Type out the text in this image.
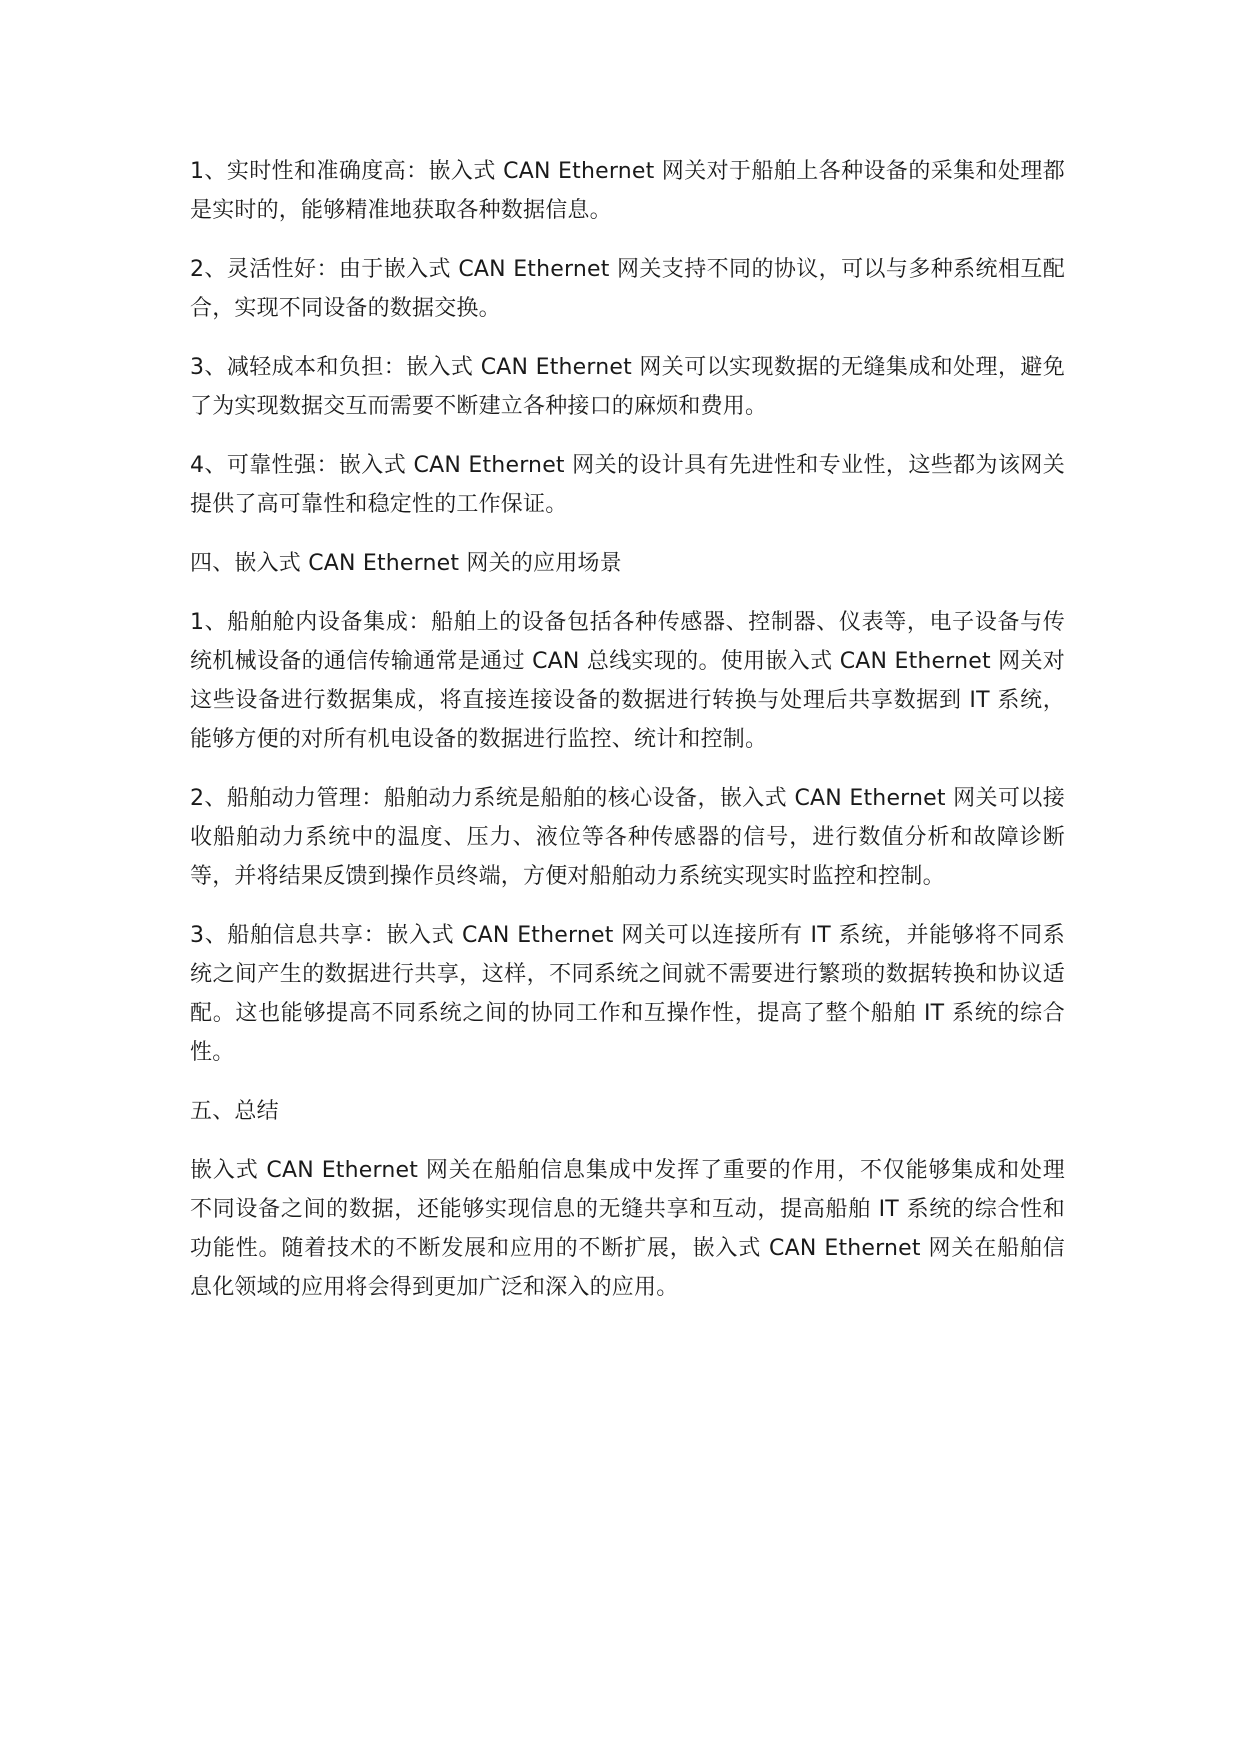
1、实时性和准确度高：嵌入式 CAN Ethernet 网关对于船舶上各种设备的采集和处理都是实时的，能够精准地获取各种数据信息。

2、灵活性好：由于嵌入式 CAN Ethernet 网关支持不同的协议，可以与多种系统相互配合，实现不同设备的数据交换。

3、减轻成本和负担：嵌入式 CAN Ethernet 网关可以实现数据的无缝集成和处理，避免了为实现数据交互而需要不断建立各种接口的麻烦和费用。

4、可靠性强：嵌入式 CAN Ethernet 网关的设计具有先进性和专业性，这些都为该网关提供了高可靠性和稳定性的工作保证。

四、嵌入式 CAN Ethernet 网关的应用场景

1、船舶舱内设备集成：船舶上的设备包括各种传感器、控制器、仪表等，电子设备与传统机械设备的通信传输通常是通过 CAN 总线实现的。使用嵌入式 CAN Ethernet 网关对这些设备进行数据集成，将直接连接设备的数据进行转换与处理后共享数据到 IT 系统，能够方便的对所有机电设备的数据进行监控、统计和控制。

2、船舶动力管理：船舶动力系统是船舶的核心设备，嵌入式 CAN Ethernet 网关可以接收船舶动力系统中的温度、压力、液位等各种传感器的信号，进行数值分析和故障诊断等，并将结果反馈到操作员终端，方便对船舶动力系统实现实时监控和控制。

3、船舶信息共享：嵌入式 CAN Ethernet 网关可以连接所有 IT 系统，并能够将不同系统之间产生的数据进行共享，这样，不同系统之间就不需要进行繁琐的数据转换和协议适配。这也能够提高不同系统之间的协同工作和互操作性，提高了整个船舶 IT 系统的综合性。

五、总结

嵌入式 CAN Ethernet 网关在船舶信息集成中发挥了重要的作用，不仅能够集成和处理不同设备之间的数据，还能够实现信息的无缝共享和互动，提高船舶 IT 系统的综合性和功能性。随着技术的不断发展和应用的不断扩展，嵌入式 CAN Ethernet 网关在船舶信息化领域的应用将会得到更加广泛和深入的应用。
